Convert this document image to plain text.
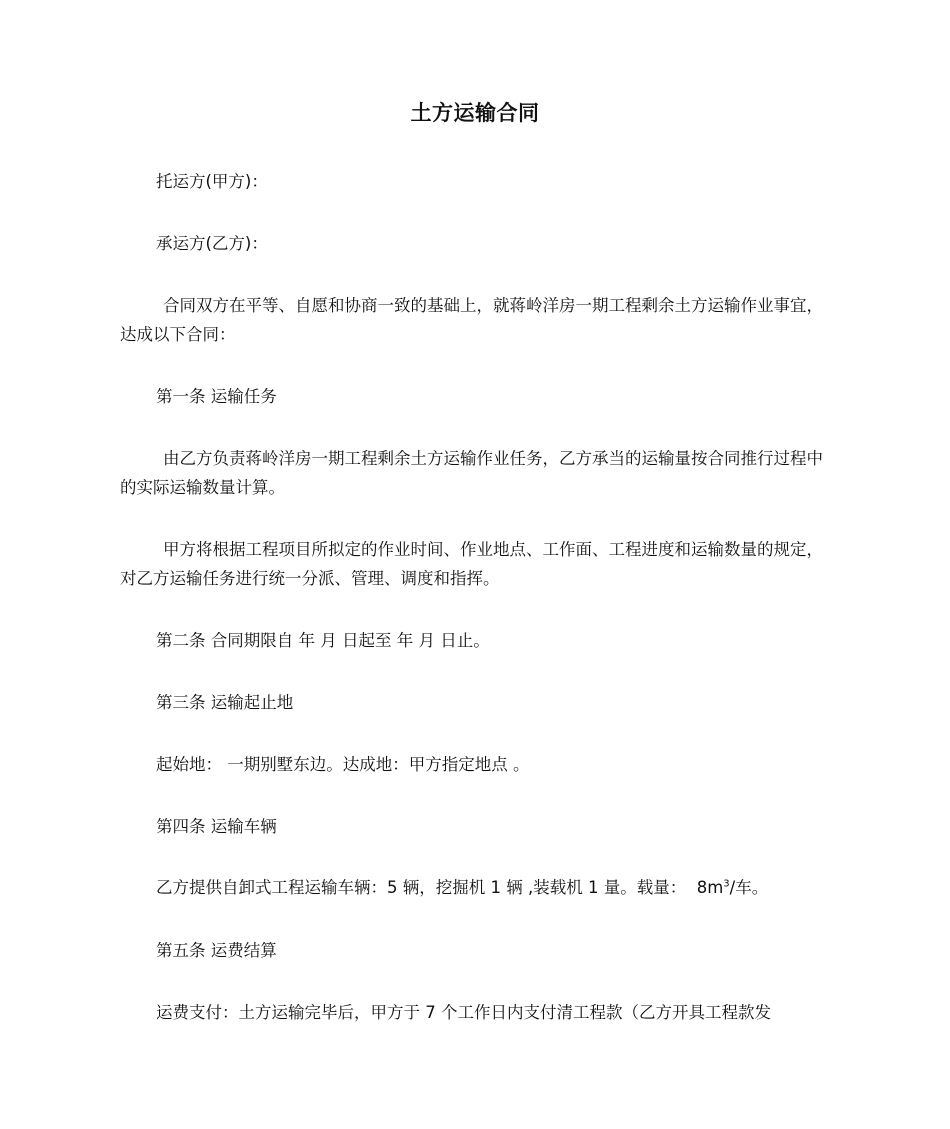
土方运输合同

托运方(甲方)：

承运方(乙方)：

合同双方在平等、自愿和协商一致的基础上，就蒋岭洋房一期工程剩余土方运输作业事宜，达成以下合同：

第一条 运输任务

由乙方负责蒋岭洋房一期工程剩余土方运输作业任务，乙方承当的运输量按合同推行过程中的实际运输数量计算。

甲方将根据工程项目所拟定的作业时间、作业地点、工作面、工程进度和运输数量的规定，对乙方运输任务进行统一分派、管理、调度和指挥。

第二条 合同期限自 年 月 日起至 年 月 日止。

第三条 运输起止地

起始地： 一期别墅东边。达成地：甲方指定地点 。

第四条 运输车辆

乙方提供自卸式工程运输车辆：5 辆，挖掘机 1 辆 ,装载机 1 量。载量：  $8m^3/$车。

第五条 运费结算

运费支付：土方运输完毕后，甲方于 7 个工作日内支付清工程款（乙方开具工程款发
